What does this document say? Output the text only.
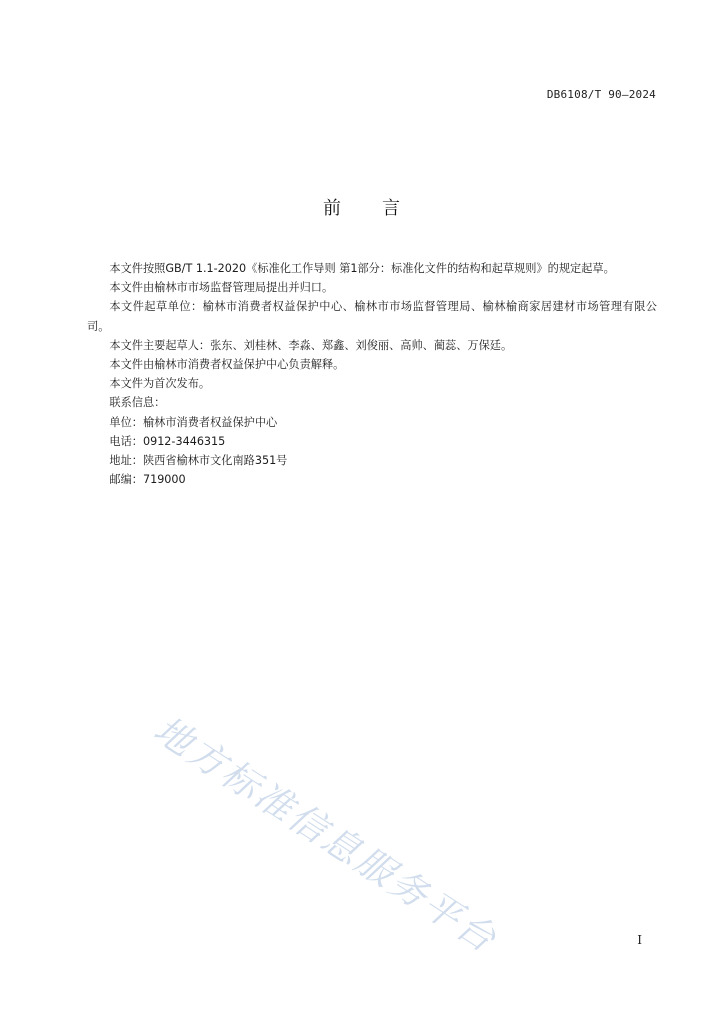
DB6108/T 90—2024
前 言

本文件按照GB/T 1.1-2020《标准化工作导则 第1部分：标准化文件的结构和起草规则》的规定起草。

本文件由榆林市市场监督管理局提出并归口。

本文件起草单位：榆林市消费者权益保护中心、榆林市市场监督管理局、榆林榆商家居建材市场管理有限公司。

本文件主要起草人：张东、刘桂林、李淼、郑鑫、刘俊丽、高帅、蔺蕊、万保廷。

本文件由榆林市消费者权益保护中心负责解释。

本文件为首次发布。

联系信息：

单位：榆林市消费者权益保护中心

电话：0912-3446315

地址：陕西省榆林市文化南路351号

邮编：719000

地方标准信息服务平台	I
